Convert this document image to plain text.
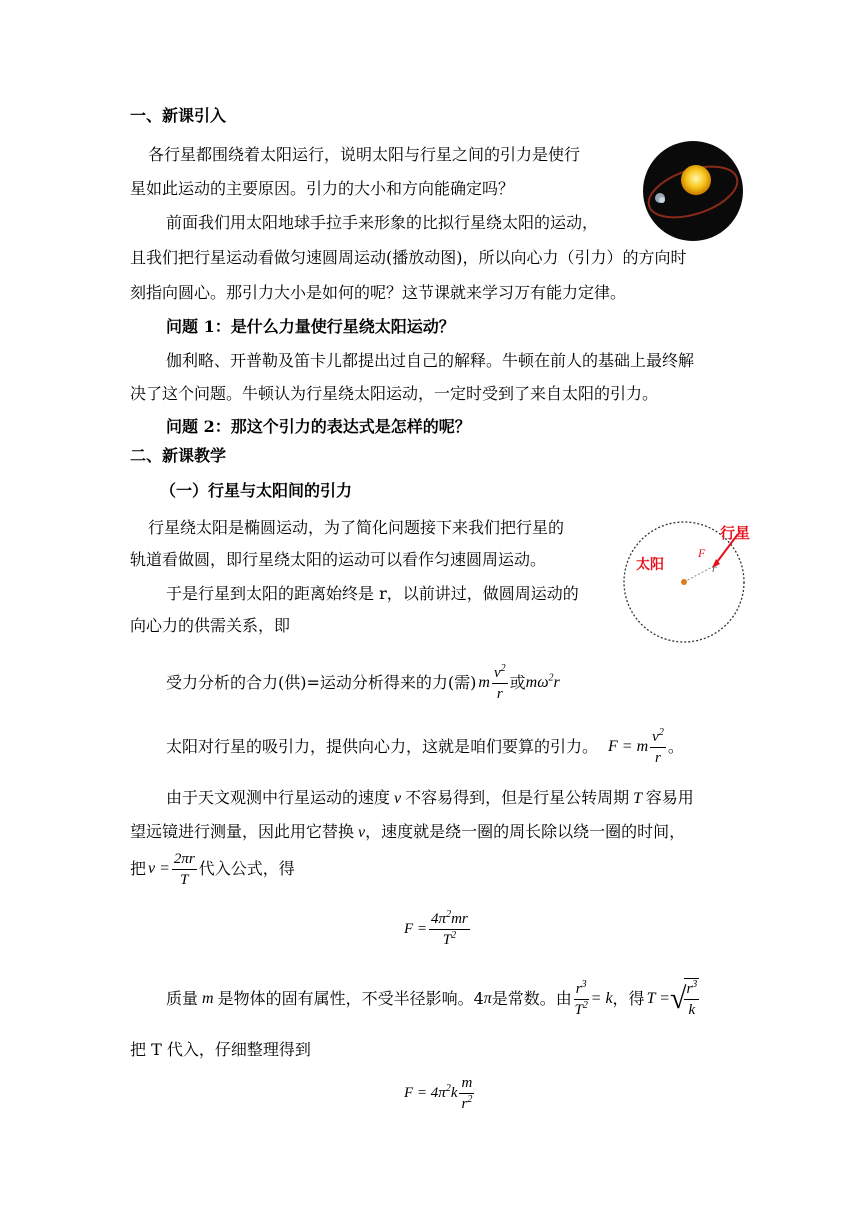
一、新课引入
各行星都围绕着太阳运行，说明太阳与行星之间的引力是使行
星如此运动的主要原因。引力的大小和方向能确定吗？
前面我们用太阳地球手拉手来形象的比拟行星绕太阳的运动，
且我们把行星运动看做匀速圆周运动(播放动图)，所以向心力（引力）的方向时
刻指向圆心。那引力大小是如何的呢？这节课就来学习万有能力定律。
问题 1：是什么力量使行星绕太阳运动？
伽利略、开普勒及笛卡儿都提出过自己的解释。牛顿在前人的基础上最终解
决了这个问题。牛顿认为行星绕太阳运动，一定时受到了来自太阳的引力。
问题 2：那这个引力的表达式是怎样的呢？
二、新课教学
（一）行星与太阳间的引力
行星绕太阳是椭圆运动，为了简化问题接下来我们把行星的
轨道看做圆，即行星绕太阳的运动可以看作匀速圆周运动。
行星
太阳
F
r
于是行星到太阳的距离始终是 r，以前讲过，做圆周运动的
向心力的供需关系，即
受力分析的合力(供)=运动分析得来的力(需) m $\frac{v^2}{r}$ 或 $m\omega^2r$
太阳对行星的吸引力，提供向心力，这就是咱们要算的引力。 F = m $\frac{v^2}{r}$ 。
由于天文观测中行星运动的速度 v 不容易得到，但是行星公转周期 T 容易用
望远镜进行测量，因此用它替换 v，速度就是绕一圈的周长除以绕一圈的时间，
把 $v = \frac{2\pi r}{T}$ 代入公式，得
$F = \frac{4\pi^2mr}{T^2}$
质量 m 是物体的固有属性，不受半径影响。4 π 是常数。由 $\frac{r^3}{T^2} = k$ ，得 T = √
$\frac{r^3}{k}$
把 T 代入，仔细整理得到
$F = 4\pi^2k \frac{m}{r^2}$
